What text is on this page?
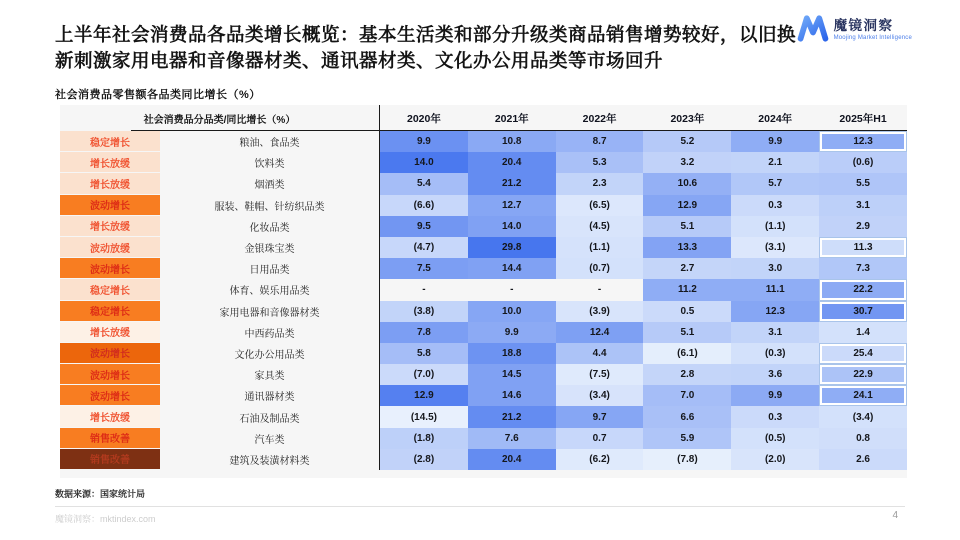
上半年社会消费品各品类增长概览：基本生活类和部分升级类商品销售增势较好，以旧换
新刺激家用电器和音像器材类、通讯器材类、文化办公用品类等市场回升
魔镜洞察
Moojing Market Intelligence
社会消费品零售额各品类同比增长（%）
社会消费品分品类/同比增长（%）	2020年	2021年	2022年	2023年	2024年	2025年H1
稳定增长	粮油、食品类	9.9	10.8	8.7	5.2	9.9	12.3
增长放缓	饮料类	14.0	20.4	5.3	3.2	2.1	(0.6)
增长放缓	烟酒类	5.4	21.2	2.3	10.6	5.7	5.5
波动增长	服装、鞋帽、针纺织品类	(6.6)	12.7	(6.5)	12.9	0.3	3.1
增长放缓	化妆品类	9.5	14.0	(4.5)	5.1	(1.1)	2.9
波动放缓	金银珠宝类	(4.7)	29.8	(1.1)	13.3	(3.1)	11.3
波动增长	日用品类	7.5	14.4	(0.7)	2.7	3.0	7.3
稳定增长	体育、娱乐用品类	-	-	-	11.2	11.1	22.2
稳定增长	家用电器和音像器材类	(3.8)	10.0	(3.9)	0.5	12.3	30.7
增长放缓	中西药品类	7.8	9.9	12.4	5.1	3.1	1.4
波动增长	文化办公用品类	5.8	18.8	4.4	(6.1)	(0.3)	25.4
波动增长	家具类	(7.0)	14.5	(7.5)	2.8	3.6	22.9
波动增长	通讯器材类	12.9	14.6	(3.4)	7.0	9.9	24.1
增长放缓	石油及制品类	(14.5)	21.2	9.7	6.6	0.3	(3.4)
销售改善	汽车类	(1.8)	7.6	0.7	5.9	(0.5)	0.8
销售改善	建筑及装潢材料类	(2.8)	20.4	(6.2)	(7.8)	(2.0)	2.6
数据来源：国家统计局
魔镜洞察：mktindex.com	4
